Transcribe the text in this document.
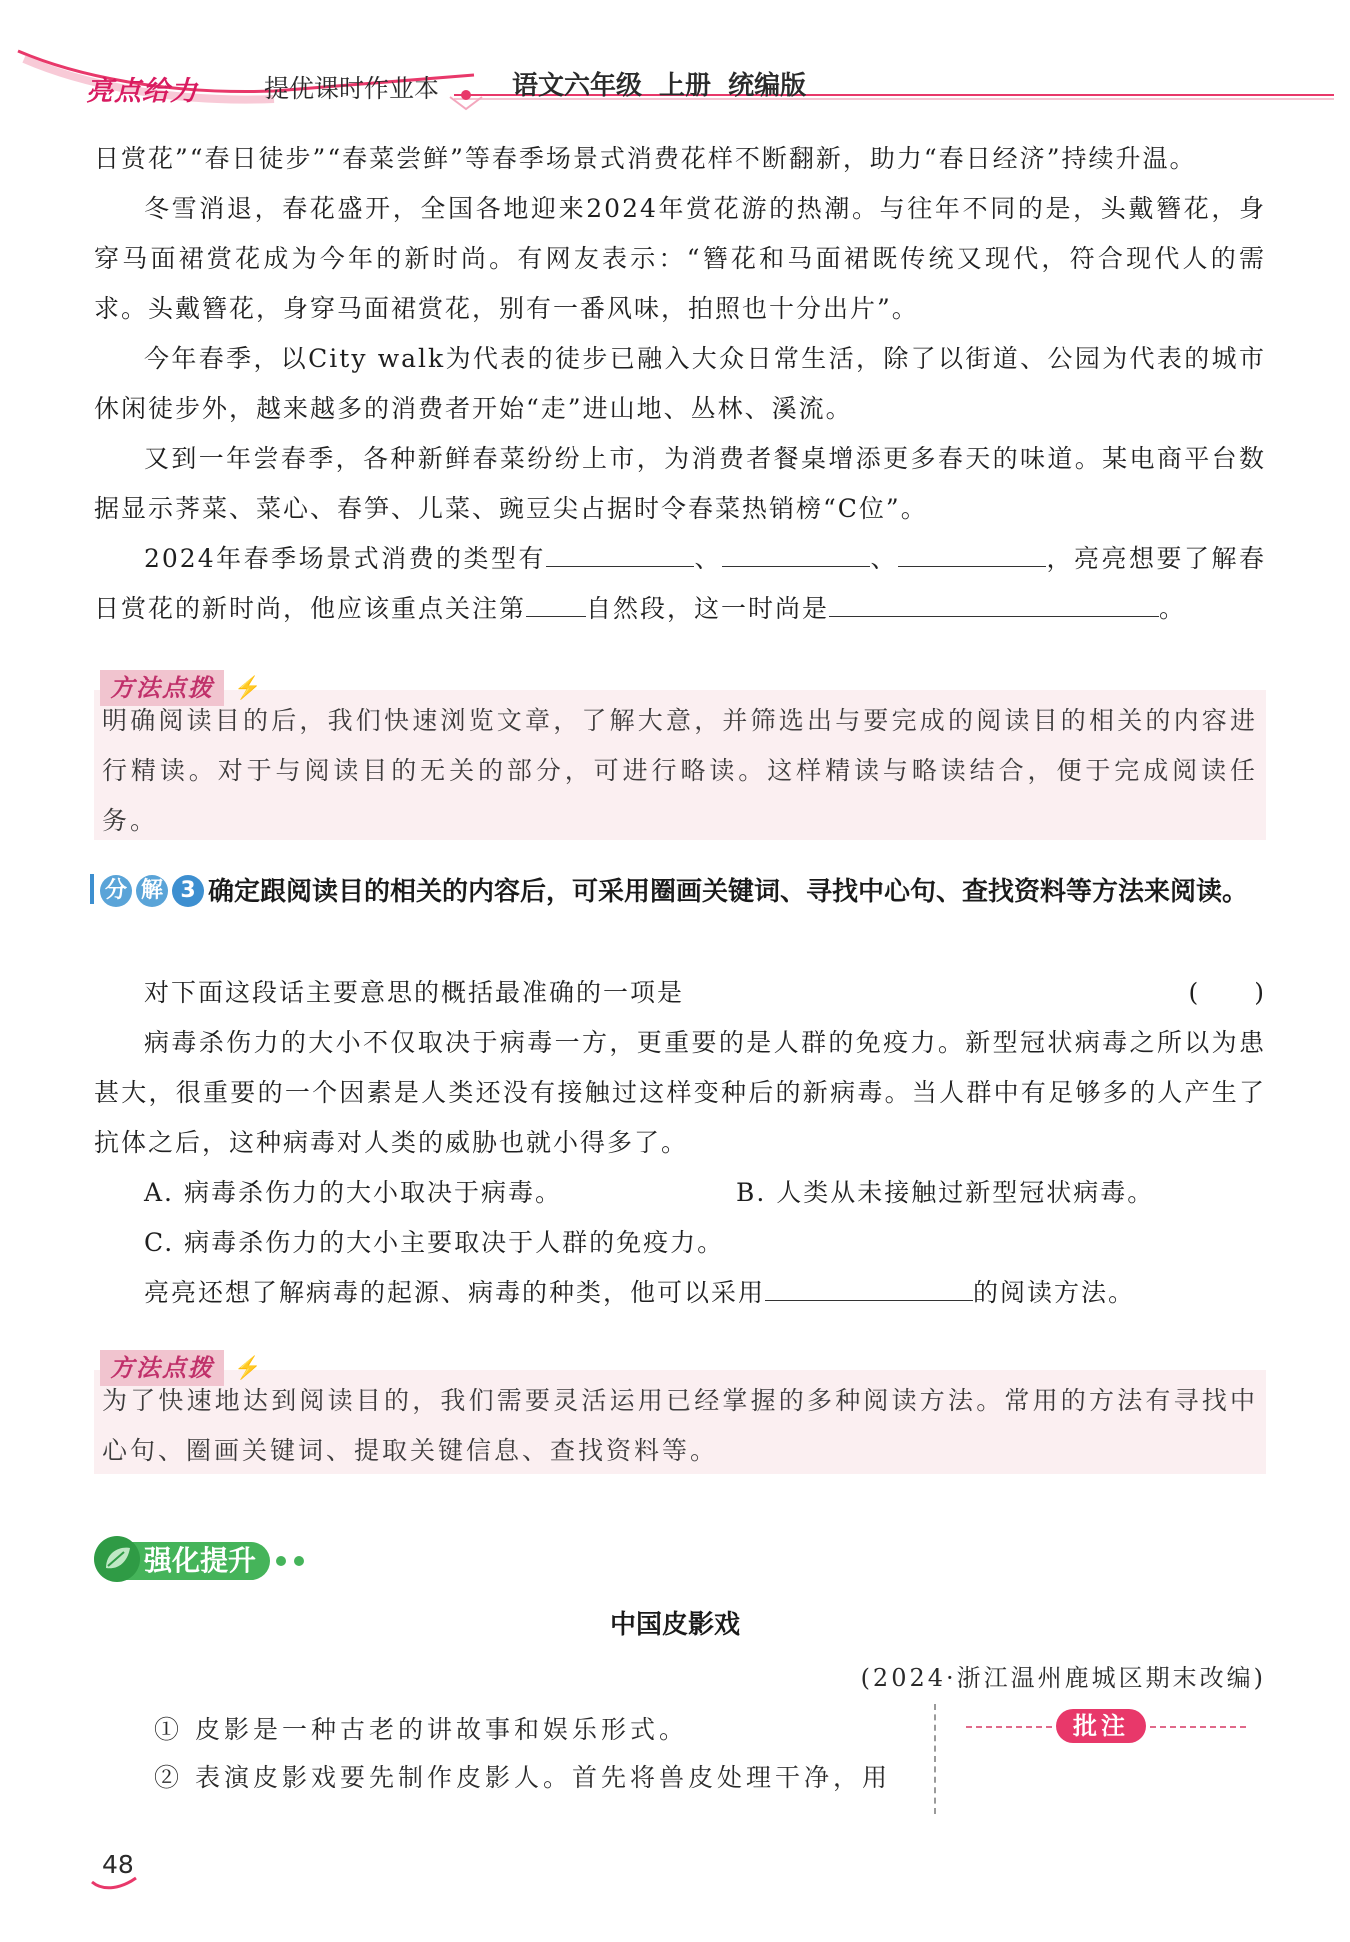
亮点给力	提优课时作业本	语文六年级 上册 统编版

日赏花”“春日徒步”“春菜尝鲜”等春季场景式消费花样不断翻新，助力“春日经济”持续升温。

冬雪消退，春花盛开，全国各地迎来2024年赏花游的热潮。与往年不同的是，头戴簪花，身穿马面裙赏花成为今年的新时尚。有网友表示：“簪花和马面裙既传统又现代，符合现代人的需求。头戴簪花，身穿马面裙赏花，别有一番风味，拍照也十分出片”。

今年春季，以City walk为代表的徒步已融入大众日常生活，除了以街道、公园为代表的城市休闲徒步外，越来越多的消费者开始“走”进山地、丛林、溪流。

又到一年尝春季，各种新鲜春菜纷纷上市，为消费者餐桌增添更多春天的味道。某电商平台数据显示荠菜、菜心、春笋、儿菜、豌豆尖占据时令春菜热销榜“C位”。

2024年春季场景式消费的类型有	、	、	，亮亮想要了解春日赏花的新时尚，他应该重点关注第 自然段，这一时尚是	。

方法点拨 ⚡
明确阅读目的后，我们快速浏览文章，了解大意，并筛选出与要完成的阅读目的相关的内容进行精读。对于与阅读目的无关的部分，可进行略读。这样精读与略读结合，便于完成阅读任务。
分 解 3 确定跟阅读目的相关的内容后，可采用圈画关键词、寻找中心句、查找资料等方法来阅读。

对下面这段话主要意思的概括最准确的一项是	(　　)

病毒杀伤力的大小不仅取决于病毒一方，更重要的是人群的免疫力。新型冠状病毒之所以为患甚大，很重要的一个因素是人类还没有接触过这样变种后的新病毒。当人群中有足够多的人产生了抗体之后，这种病毒对人类的威胁也就小得多了。

A. 病毒杀伤力的大小取决于病毒。	B. 人类从未接触过新型冠状病毒。

C. 病毒杀伤力的大小主要取决于人群的免疫力。

亮亮还想了解病毒的起源、病毒的种类，他可以采用	的阅读方法。

方法点拨 ⚡
为了快速地达到阅读目的，我们需要灵活运用已经掌握的多种阅读方法。常用的方法有寻找中心句、圈画关键词、提取关键信息、查找资料等。
强化提升
中国皮影戏
(2024·浙江温州鹿城区期末改编)
① 皮影是一种古老的讲故事和娱乐形式。
② 表演皮影戏要先制作皮影人。首先将兽皮处理干净，用
批注
48
